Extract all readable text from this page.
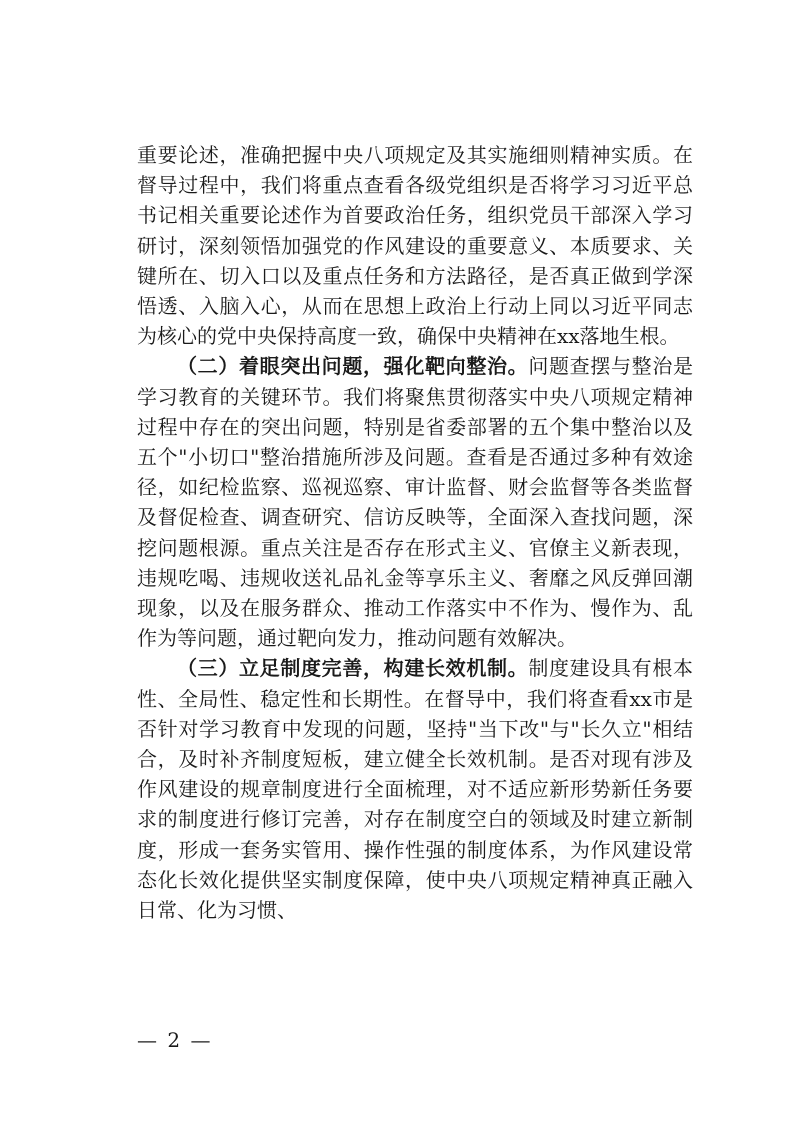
重要论述，准确把握中央八项规定及其实施细则精神实质。在督导过程中，我们将重点查看各级党组织是否将学习习近平总书记相关重要论述作为首要政治任务，组织党员干部深入学习研讨，深刻领悟加强党的作风建设的重要意义、本质要求、关键所在、切入口以及重点任务和方法路径，是否真正做到学深悟透、入脑入心，从而在思想上政治上行动上同以习近平同志为核心的党中央保持高度一致，确保中央精神在xx落地生根。

（二）着眼突出问题，强化靶向整治。问题查摆与整治是学习教育的关键环节。我们将聚焦贯彻落实中央八项规定精神过程中存在的突出问题，特别是省委部署的五个集中整治以及五个"小切口"整治措施所涉及问题。查看是否通过多种有效途径，如纪检监察、巡视巡察、审计监督、财会监督等各类监督及督促检查、调查研究、信访反映等，全面深入查找问题，深挖问题根源。重点关注是否存在形式主义、官僚主义新表现，违规吃喝、违规收送礼品礼金等享乐主义、奢靡之风反弹回潮现象，以及在服务群众、推动工作落实中不作为、慢作为、乱作为等问题，通过靶向发力，推动问题有效解决。

（三）立足制度完善，构建长效机制。制度建设具有根本性、全局性、稳定性和长期性。在督导中，我们将查看xx市是否针对学习教育中发现的问题，坚持"当下改"与"长久立"相结合，及时补齐制度短板，建立健全长效机制。是否对现有涉及作风建设的规章制度进行全面梳理，对不适应新形势新任务要求的制度进行修订完善，对存在制度空白的领域及时建立新制度，形成一套务实管用、操作性强的制度体系，为作风建设常态化长效化提供坚实制度保障，使中央八项规定精神真正融入日常、化为习惯、

— 2 —
